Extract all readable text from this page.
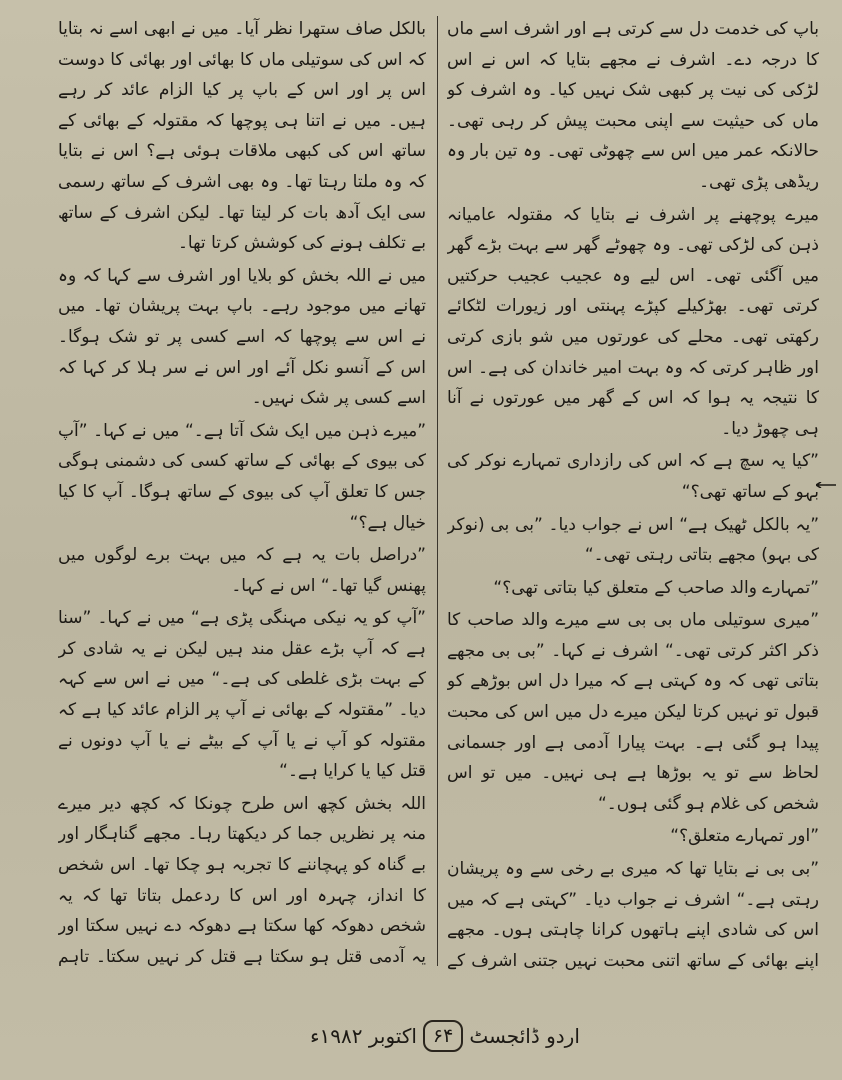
باپ کی خدمت دل سے کرتی ہے اور اشرف اسے ماں کا درجہ دے۔ اشرف نے مجھے بتایا کہ اس نے اس لڑکی کی نیت پر کبھی شک نہیں کیا۔ وہ اشرف کو ماں کی حیثیت سے اپنی محبت پیش کر رہی تھی۔ حالانکہ عمر میں اس سے چھوٹی تھی۔ وہ تین بار وہ ریڈھی پڑی تھی۔

میرے پوچھنے پر اشرف نے بتایا کہ مقتولہ عامیانہ ذہن کی لڑکی تھی۔ وہ چھوٹے گھر سے بہت بڑے گھر میں آگئی تھی۔ اس لیے وہ عجیب عجیب حرکتیں کرتی تھی۔ بھڑکیلے کپڑے پہنتی اور زیورات لٹکائے رکھتی تھی۔ محلے کی عورتوں میں شو بازی کرتی اور ظاہر کرتی کہ وہ بہت امیر خاندان کی ہے۔ اس کا نتیجہ یہ ہوا کہ اس کے گھر میں عورتوں نے آنا ہی چھوڑ دیا۔

”کیا یہ سچ ہے کہ اس کی رازداری تمہارے نوکر کی بہو کے ساتھ تھی؟“

”یہ بالکل ٹھیک ہے“ اس نے جواب دیا۔ ”بی بی (نوکر کی بہو) مجھے بتاتی رہتی تھی۔“

”تمہارے والد صاحب کے متعلق کیا بتاتی تھی؟“

”میری سوتیلی ماں بی بی سے میرے والد صاحب کا ذکر اکثر کرتی تھی۔“ اشرف نے کہا۔ ”بی بی مجھے بتاتی تھی کہ وہ کہتی ہے کہ میرا دل اس بوڑھے کو قبول تو نہیں کرتا لیکن میرے دل میں اس کی محبت پیدا ہو گئی ہے۔ بہت پیارا آدمی ہے اور جسمانی لحاظ سے تو یہ بوڑھا ہے ہی نہیں۔ میں تو اس شخص کی غلام ہو گئی ہوں۔“

”اور تمہارے متعلق؟“

”بی بی نے بتایا تھا کہ میری بے رخی سے وہ پریشان رہتی ہے۔“ اشرف نے جواب دیا۔ ”کہتی ہے کہ میں اس کی شادی اپنے ہاتھوں کرانا چاہتی ہوں۔ مجھے اپنے بھائی کے ساتھ اتنی محبت نہیں جتنی اشرف کے

بالکل صاف ستھرا نظر آیا۔ میں نے ابھی اسے نہ بتایا کہ اس کی سوتیلی ماں کا بھائی اور بھائی کا دوست اس پر اور اس کے باپ پر کیا الزام عائد کر رہے ہیں۔ میں نے اتنا ہی پوچھا کہ مقتولہ کے بھائی کے ساتھ اس کی کبھی ملاقات ہوئی ہے؟ اس نے بتایا کہ وہ ملتا رہتا تھا۔ وہ بھی اشرف کے ساتھ رسمی سی ایک آدھ بات کر لیتا تھا۔ لیکن اشرف کے ساتھ بے تکلف ہونے کی کوشش کرتا تھا۔

میں نے اللہ بخش کو بلایا اور اشرف سے کہا کہ وہ تھانے میں موجود رہے۔ باپ بہت پریشان تھا۔ میں نے اس سے پوچھا کہ اسے کسی پر تو شک ہوگا۔ اس کے آنسو نکل آئے اور اس نے سر ہلا کر کہا کہ اسے کسی پر شک نہیں۔

”میرے ذہن میں ایک شک آتا ہے۔“ میں نے کہا۔ ”آپ کی بیوی کے بھائی کے ساتھ کسی کی دشمنی ہوگی جس کا تعلق آپ کی بیوی کے ساتھ ہوگا۔ آپ کا کیا خیال ہے؟“

”دراصل بات یہ ہے کہ میں بہت برے لوگوں میں پھنس گیا تھا۔“ اس نے کہا۔

”آپ کو یہ نیکی مہنگی پڑی ہے“ میں نے کہا۔ ”سنا ہے کہ آپ بڑے عقل مند ہیں لیکن نے یہ شادی کر کے بہت بڑی غلطی کی ہے۔“ میں نے اس سے کہہ دیا۔ ”مقتولہ کے بھائی نے آپ پر الزام عائد کیا ہے کہ مقتولہ کو آپ نے یا آپ کے بیٹے نے یا آپ دونوں نے قتل کیا یا کرایا ہے۔“

اللہ بخش کچھ اس طرح چونکا کہ کچھ دیر میرے منہ پر نظریں جما کر دیکھتا رہا۔ مجھے گناہگار اور بے گناہ کو پہچاننے کا تجربہ ہو چکا تھا۔ اس شخص کا انداز، چہرہ اور اس کا ردعمل بتاتا تھا کہ یہ شخص دھوکہ کھا سکتا ہے دھوکہ دے نہیں سکتا اور یہ آدمی قتل ہو سکتا ہے قتل کر نہیں سکتا۔ تاہم

اردو ڈائجسٹ
۶۴
اکتوبر ۱۹۸۲ء
